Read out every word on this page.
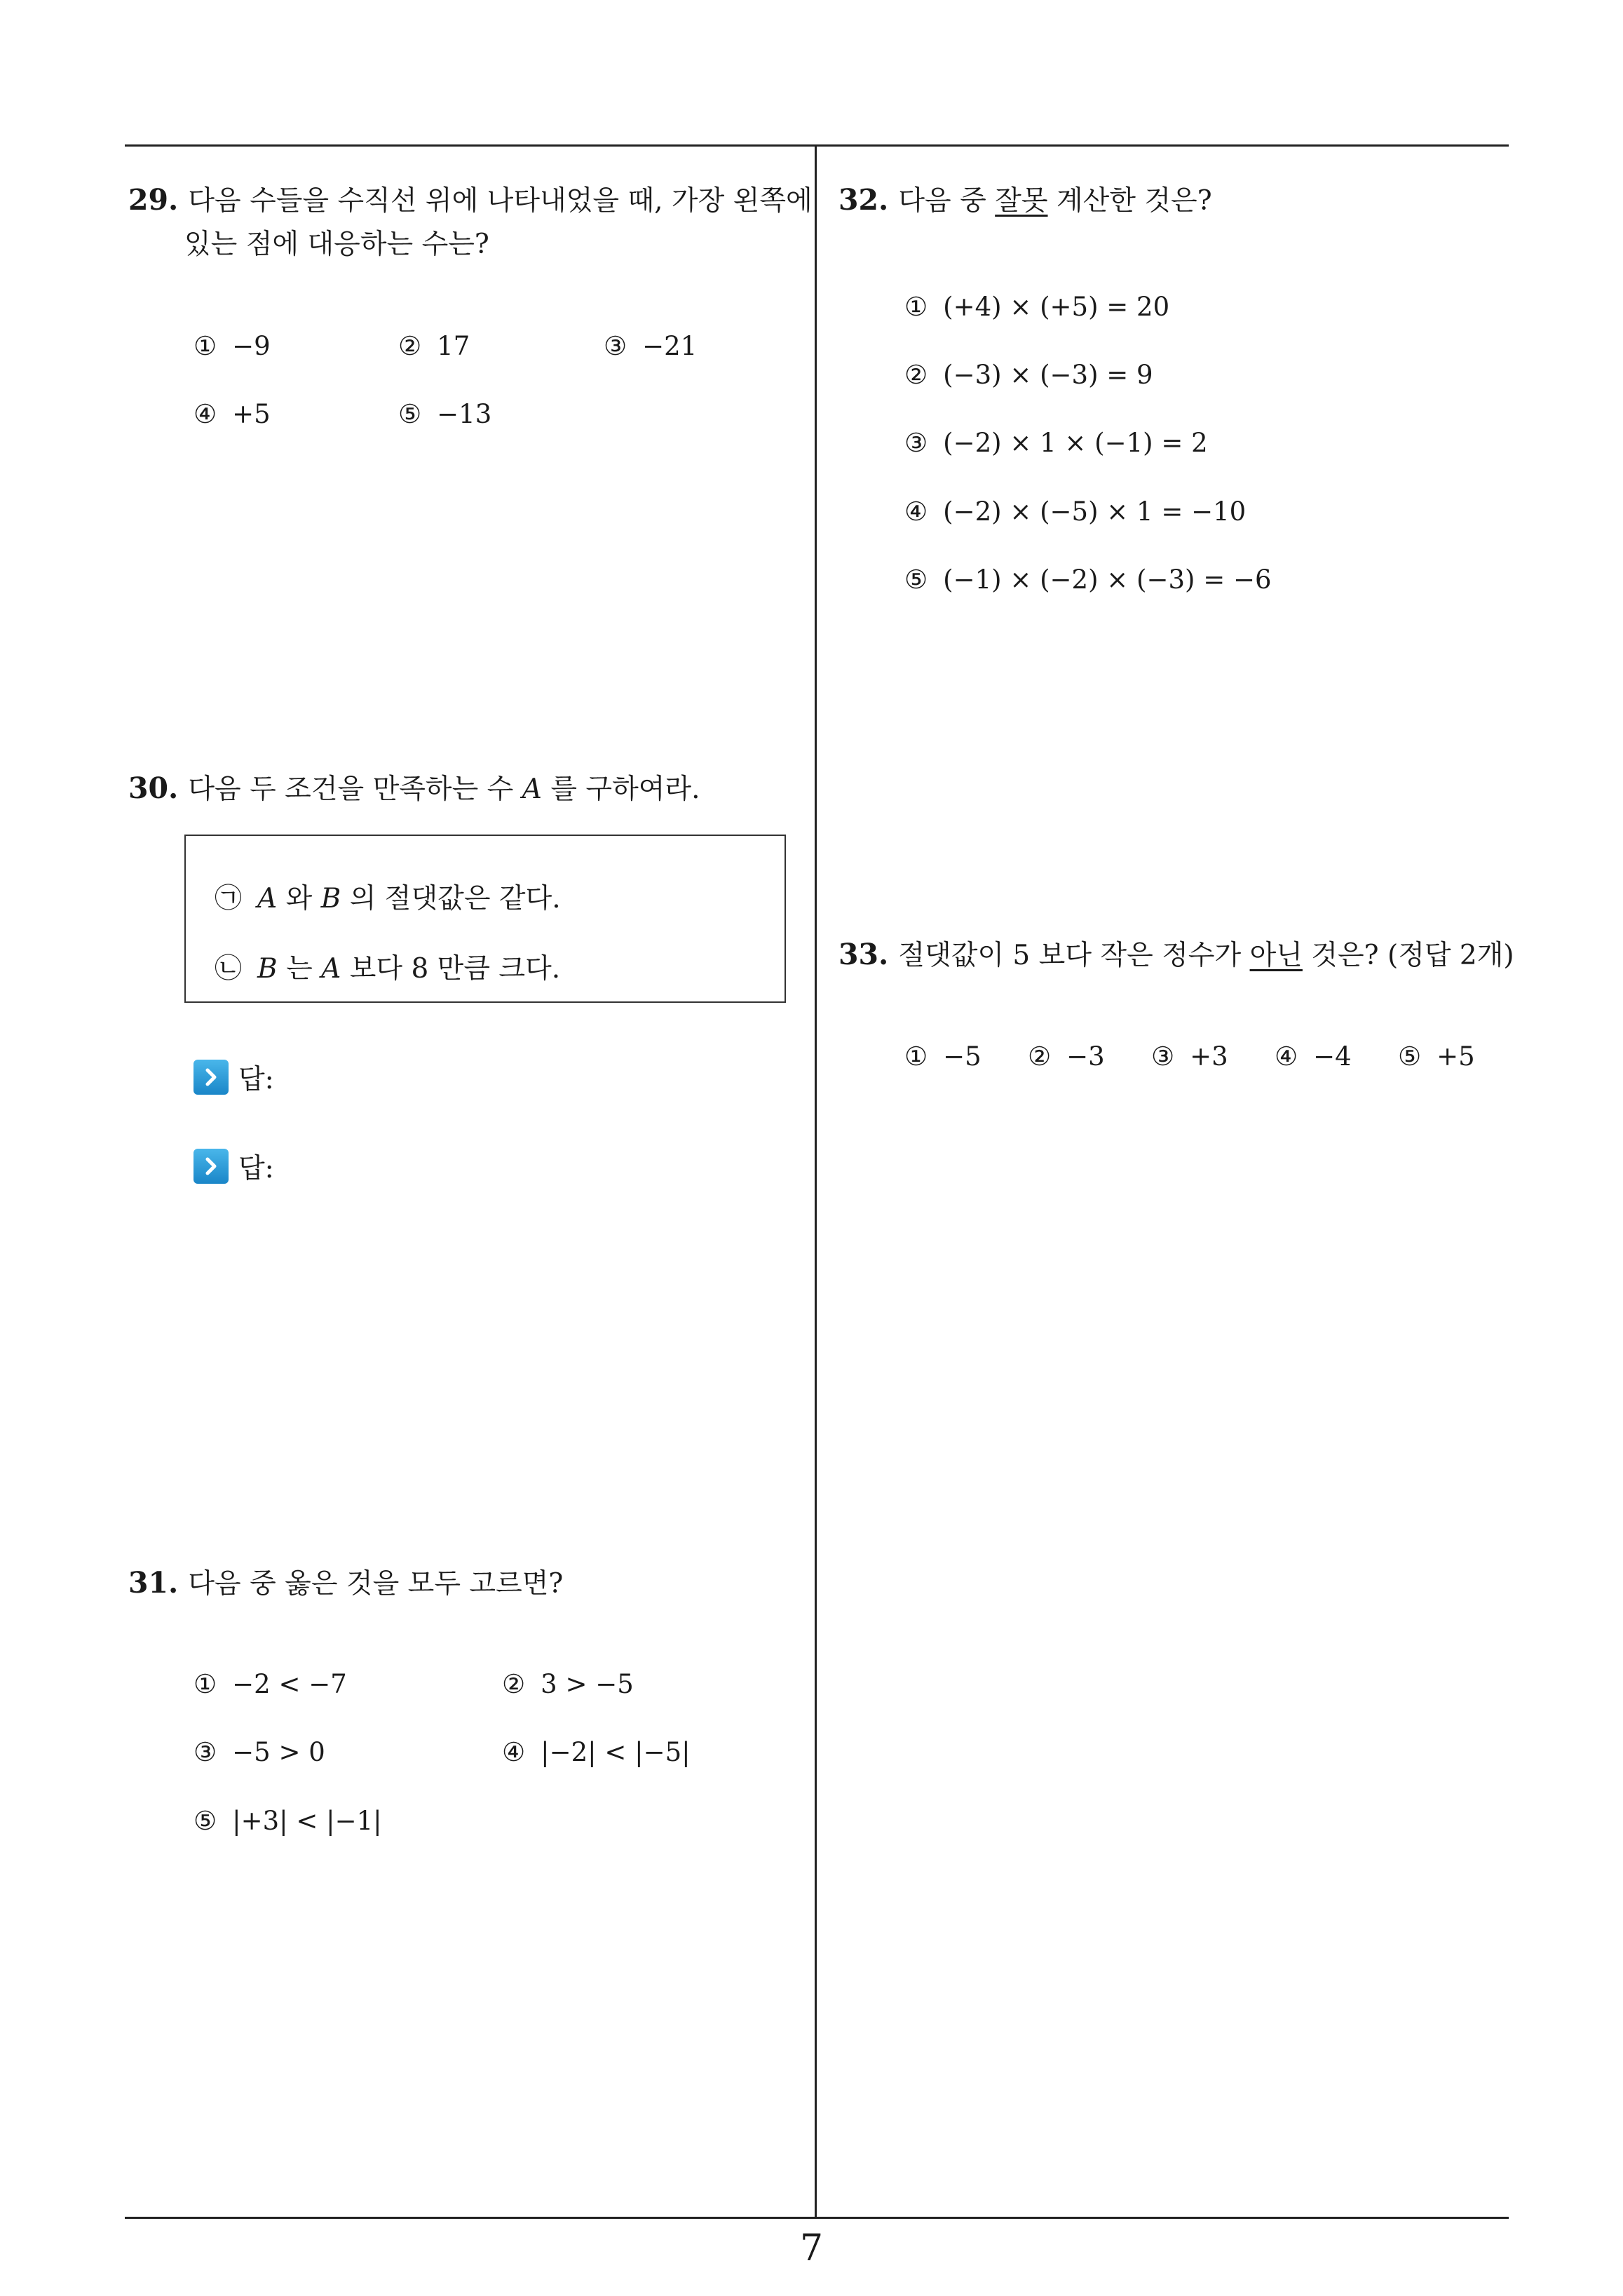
29. 다음 수들을 수직선 위에 나타내었을 때, 가장 왼쪽에
있는 점에 대응하는 수는?
① −9	② 17	③ −21
④ +5	⑤ −13
30. 다음 두 조건을 만족하는 수 A 를 구하여라.
㉠ A 와 B 의 절댓값은 같다.
㉡ B 는 A 보다 8 만큼 크다.
답:
답:
31. 다음 중 옳은 것을 모두 고르면?
① −2 < −7	② 3 > −5
③ −5 > 0	④ |−2| < |−5|
⑤ |+3| < |−1|
32. 다음 중 잘못 계산한 것은?
① (+4) × (+5) = 20
② (−3) × (−3) = 9
③ (−2) × 1 × (−1) = 2
④ (−2) × (−5) × 1 = −10
⑤ (−1) × (−2) × (−3) = −6
33. 절댓값이 5 보다 작은 정수가 아닌 것은? (정답 2개)
① −5 ② −3 ③ +3 ④ −4 ⑤ +5
7
